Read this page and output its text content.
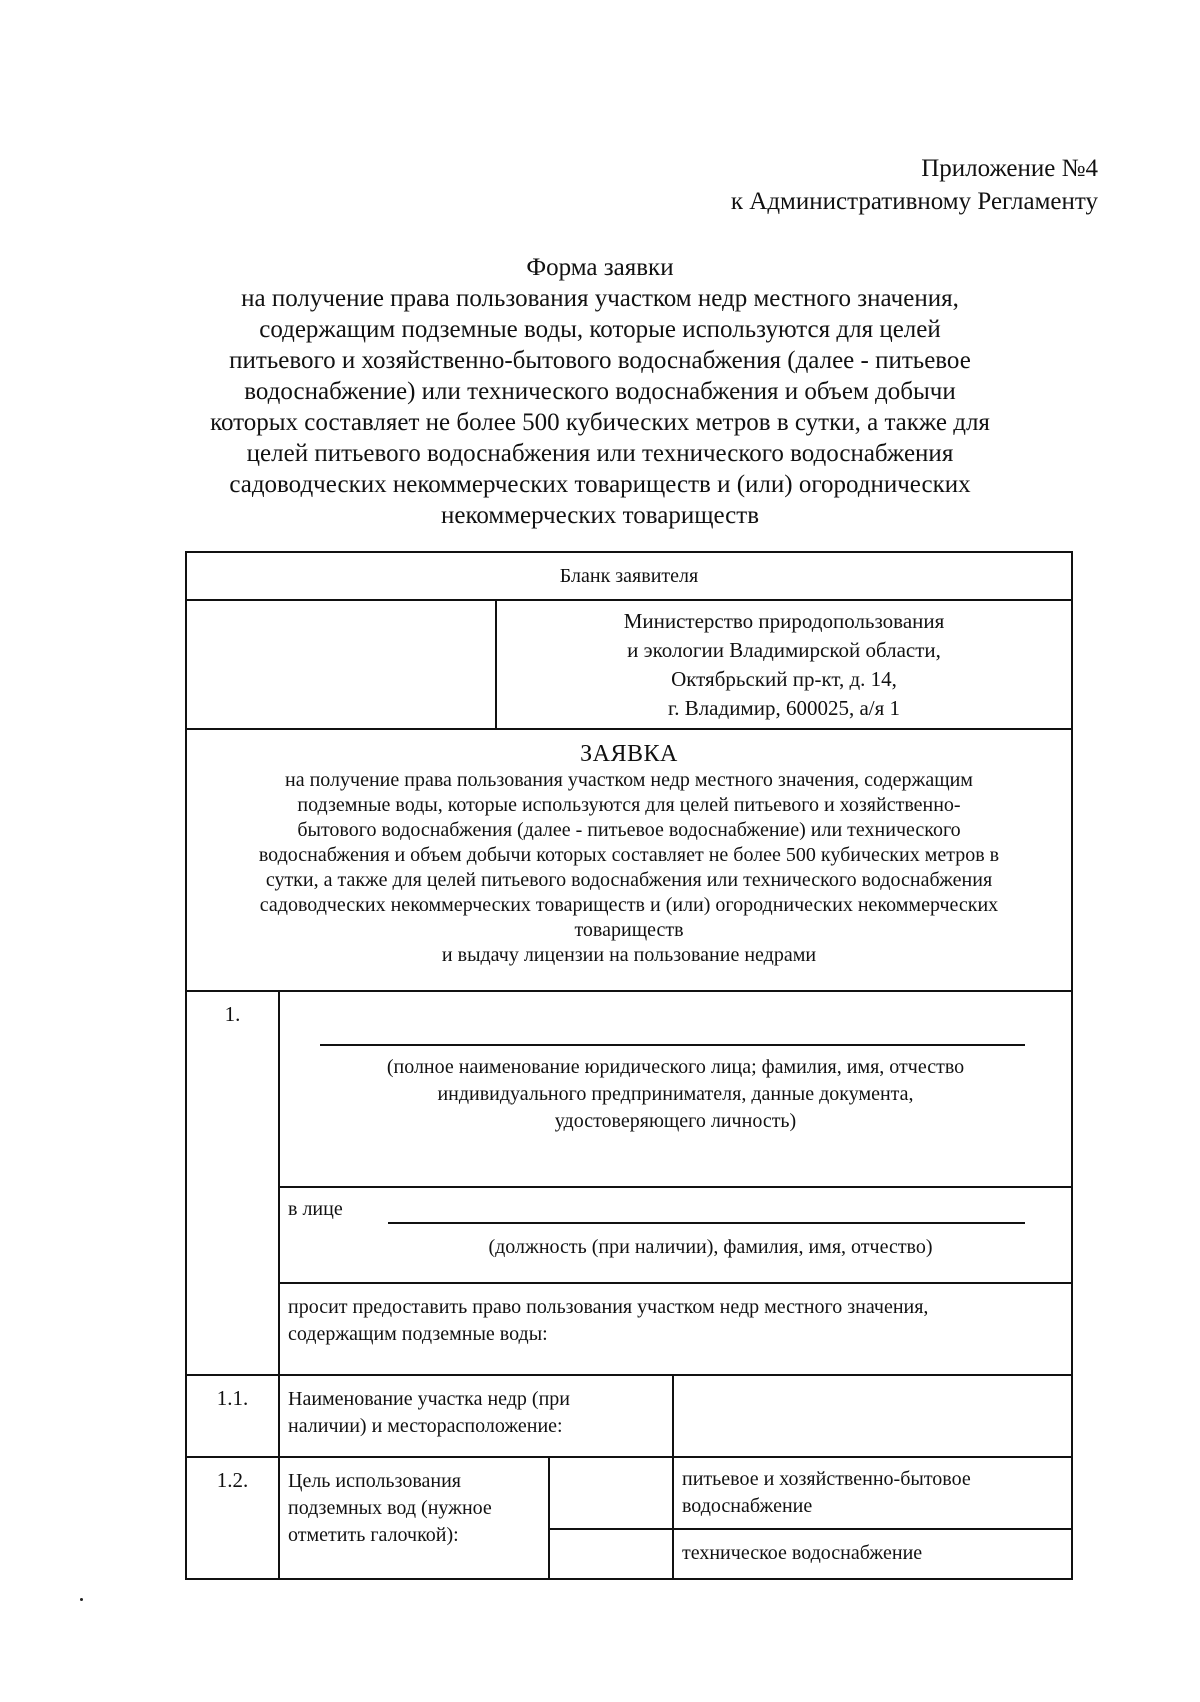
Приложение №4
к Административному Регламенту
Форма заявки
на получение права пользования участком недр местного значения,
содержащим подземные воды, которые используются для целей
питьевого и хозяйственно-бытового водоснабжения (далее - питьевое
водоснабжение) или технического водоснабжения и объем добычи
которых составляет не более 500 кубических метров в сутки, а также для
целей питьевого водоснабжения или технического водоснабжения
садоводческих некоммерческих товариществ и (или) огороднических
некоммерческих товариществ
Бланк заявителя
Министерство природопользования
и экологии Владимирской области,
Октябрьский пр-кт, д. 14,
г. Владимир, 600025, а/я 1
ЗАЯВКА
на получение права пользования участком недр местного значения, содержащим
подземные воды, которые используются для целей питьевого и хозяйственно-
бытового водоснабжения (далее - питьевое водоснабжение) или технического
водоснабжения и объем добычи которых составляет не более 500 кубических метров в
сутки, а также для целей питьевого водоснабжения или технического водоснабжения
садоводческих некоммерческих товариществ и (или) огороднических некоммерческих
товариществ
и выдачу лицензии на пользование недрами
1.
(полное наименование юридического лица; фамилия, имя, отчество
индивидуального предпринимателя, данные документа,
удостоверяющего личность)
в лице
(должность (при наличии), фамилия, имя, отчество)
просит предоставить право пользования участком недр местного значения,
содержащим подземные воды:
1.1.	Наименование участка недр (при
наличии) и месторасположение:
1.2.	Цель использования
подземных вод (нужное
отметить галочкой):
питьевое и хозяйственно-бытовое
водоснабжение
техническое водоснабжение
